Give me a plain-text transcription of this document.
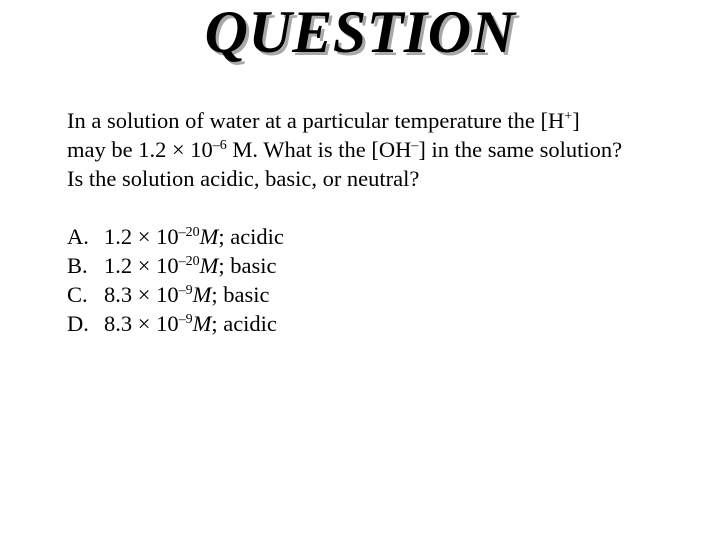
QUESTION
In a solution of water at a particular temperature the [H+]
may be $1.2 \times 10^{-6}$ M. What is the [OH–] in the same solution?
Is the solution acidic, basic, or neutral?
A. $1.2 \times 10^{-20}M$; acidic
B. $1.2 \times 10^{-20}M$; basic
C. $8.3 \times 10^{-9}M$; basic
D. $8.3 \times 10^{-9}M$; acidic
